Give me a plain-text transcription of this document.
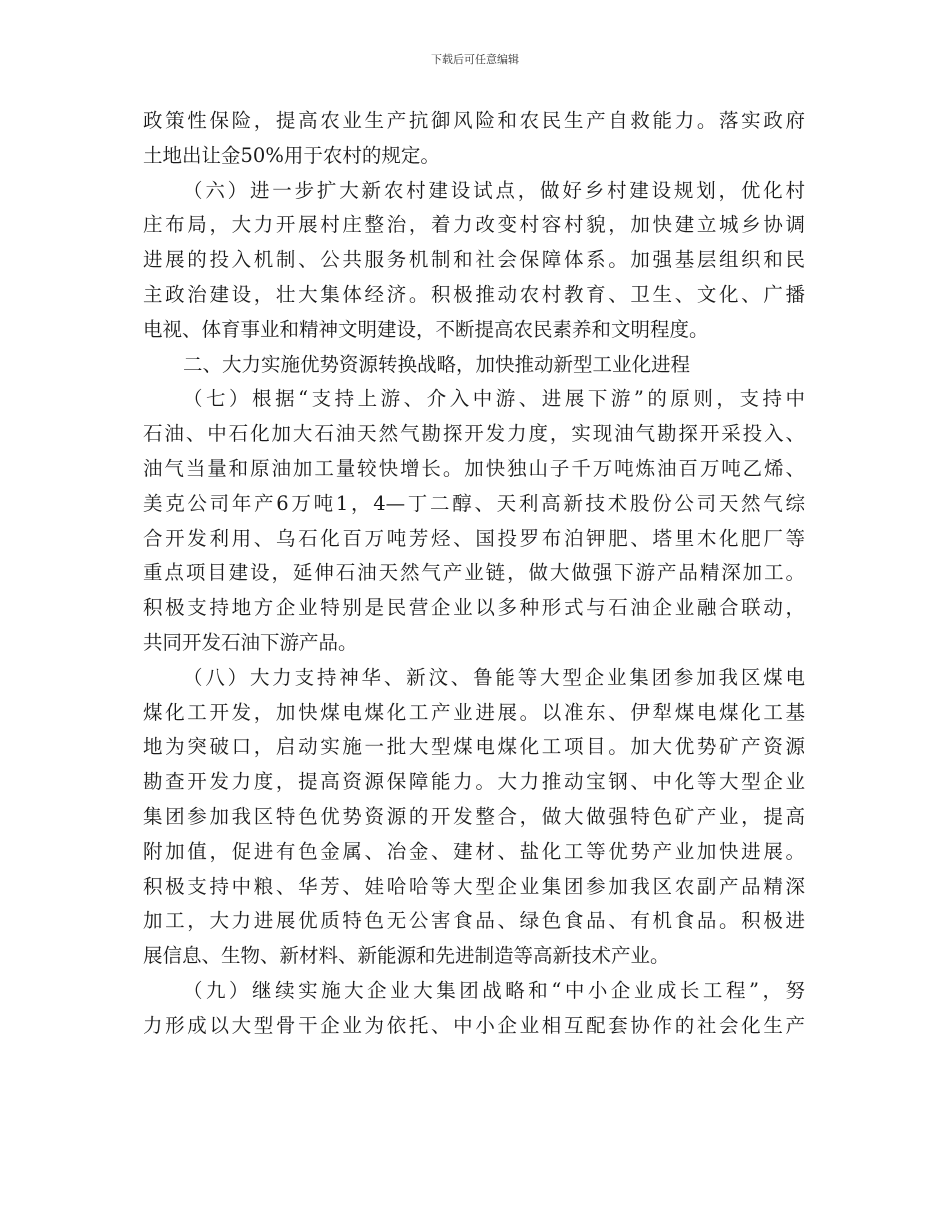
下载后可任意编辑
政策性保险，提高农业生产抗御风险和农民生产自救能力。落实政府
土地出让金50%用于农村的规定。
（六）进一步扩大新农村建设试点，做好乡村建设规划，优化村
庄布局，大力开展村庄整治，着力改变村容村貌，加快建立城乡协调
进展的投入机制、公共服务机制和社会保障体系。加强基层组织和民
主政治建设，壮大集体经济。积极推动农村教育、卫生、文化、广播
电视、体育事业和精神文明建设，不断提高农民素养和文明程度。
二、大力实施优势资源转换战略，加快推动新型工业化进程
（七）根据“支持上游、介入中游、进展下游”的原则，支持中
石油、中石化加大石油天然气勘探开发力度，实现油气勘探开采投入、
油气当量和原油加工量较快增长。加快独山子千万吨炼油百万吨乙烯、
美克公司年产6万吨1，4—丁二醇、天利高新技术股份公司天然气综
合开发利用、乌石化百万吨芳烃、国投罗布泊钾肥、塔里木化肥厂等
重点项目建设，延伸石油天然气产业链，做大做强下游产品精深加工。
积极支持地方企业特别是民营企业以多种形式与石油企业融合联动，
共同开发石油下游产品。
（八）大力支持神华、新汶、鲁能等大型企业集团参加我区煤电
煤化工开发，加快煤电煤化工产业进展。以准东、伊犁煤电煤化工基
地为突破口，启动实施一批大型煤电煤化工项目。加大优势矿产资源
勘查开发力度，提高资源保障能力。大力推动宝钢、中化等大型企业
集团参加我区特色优势资源的开发整合，做大做强特色矿产业，提高
附加值，促进有色金属、冶金、建材、盐化工等优势产业加快进展。
积极支持中粮、华芳、娃哈哈等大型企业集团参加我区农副产品精深
加工，大力进展优质特色无公害食品、绿色食品、有机食品。积极进
展信息、生物、新材料、新能源和先进制造等高新技术产业。
（九）继续实施大企业大集团战略和“中小企业成长工程”，努
力形成以大型骨干企业为依托、中小企业相互配套协作的社会化生产
